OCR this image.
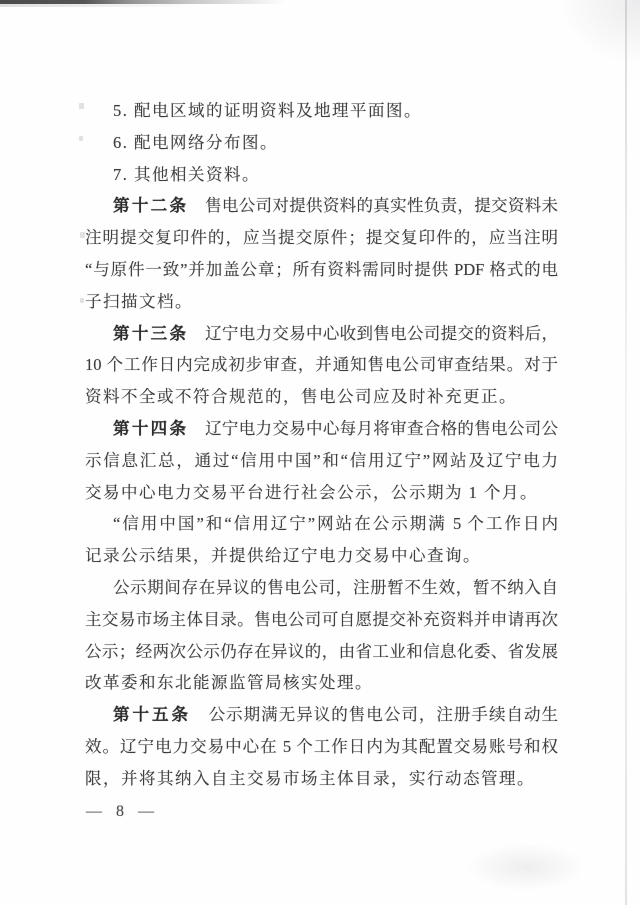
5. 配电区域的证明资料及地理平面图。
6. 配电网络分布图。
7. 其他相关资料。
第十二条　售电公司对提供资料的真实性负责，提交资料未
注明提交复印件的，应当提交原件；提交复印件的，应当注明
“与原件一致”并加盖公章；所有资料需同时提供 PDF 格式的电
子扫描文档。
第十三条　辽宁电力交易中心收到售电公司提交的资料后，
10 个工作日内完成初步审查，并通知售电公司审查结果。对于
资料不全或不符合规范的，售电公司应及时补充更正。
第十四条　辽宁电力交易中心每月将审查合格的售电公司公
示信息汇总，通过“信用中国”和“信用辽宁”网站及辽宁电力
交易中心电力交易平台进行社会公示，公示期为 1 个月。
“信用中国”和“信用辽宁”网站在公示期满 5 个工作日内
记录公示结果，并提供给辽宁电力交易中心查询。
公示期间存在异议的售电公司，注册暂不生效，暂不纳入自
主交易市场主体目录。售电公司可自愿提交补充资料并申请再次
公示；经两次公示仍存在异议的，由省工业和信息化委、省发展
改革委和东北能源监管局核实处理。
第十五条　公示期满无异议的售电公司，注册手续自动生
效。辽宁电力交易中心在 5 个工作日内为其配置交易账号和权
限，并将其纳入自主交易市场主体目录，实行动态管理。
— 8 —
